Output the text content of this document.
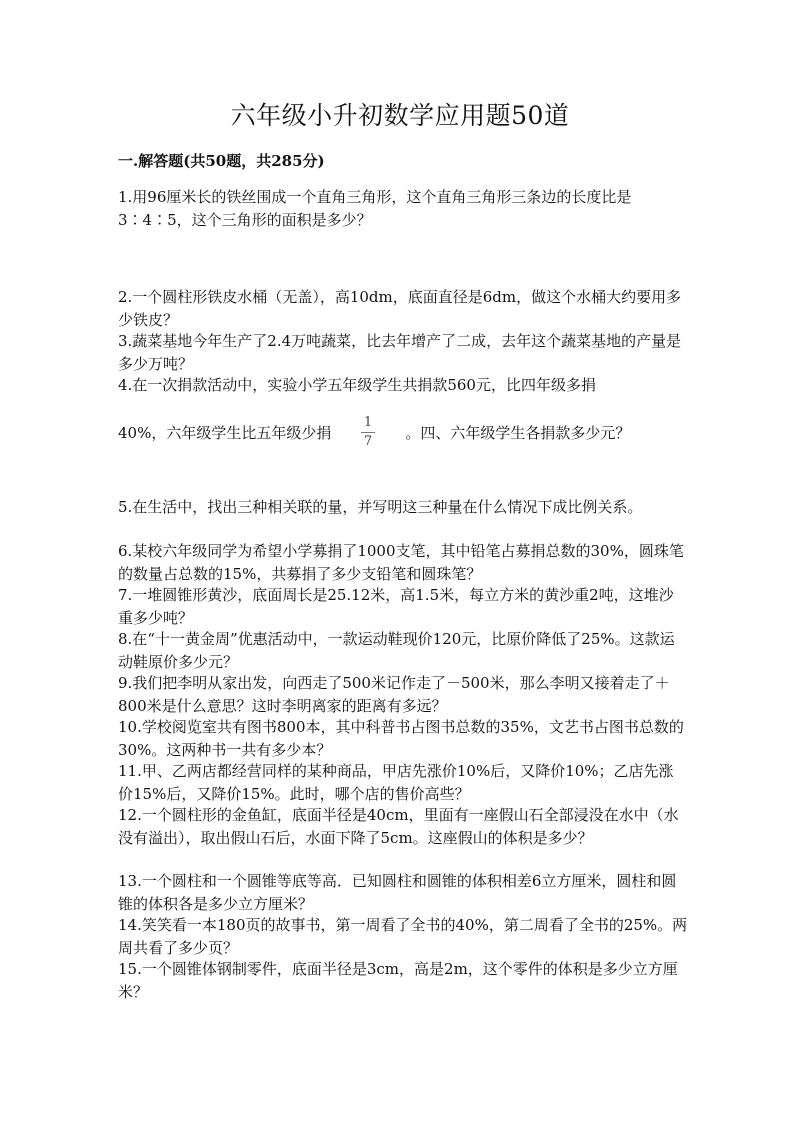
六年级小升初数学应用题50道
一.解答题(共50题，共285分)

1.用96厘米长的铁丝围成一个直角三角形，这个直角三角形三条边的长度比是3∶4∶5，这个三角形的面积是多少？

2.一个圆柱形铁皮水桶（无盖），高10dm，底面直径是6dm，做这个水桶大约要用多少铁皮？

3.蔬菜基地今年生产了2.4万吨蔬菜，比去年增产了二成，去年这个蔬菜基地的产量是多少万吨？

4.在一次捐款活动中，实验小学五年级学生共捐款560元，比四年级多捐

40%，六年级学生比五年级少捐	。四、六年级学生各捐款多少元？

1
7

5.在生活中，找出三种相关联的量，并写明这三种量在什么情况下成比例关系。

6.某校六年级同学为希望小学募捐了1000支笔，其中铅笔占募捐总数的30%，圆珠笔的数量占总数的15%，共募捐了多少支铅笔和圆珠笔？

7.一堆圆锥形黄沙，底面周长是25.12米，高1.5米，每立方米的黄沙重2吨，这堆沙重多少吨？

8.在“十一黄金周”优惠活动中，一款运动鞋现价120元，比原价降低了25%。这款运动鞋原价多少元？

9.我们把李明从家出发，向西走了500米记作走了－500米，那么李明又接着走了＋800米是什么意思？这时李明离家的距离有多远？

10.学校阅览室共有图书800本，其中科普书占图书总数的35%，文艺书占图书总数的30%。这两种书一共有多少本？

11.甲、乙两店都经营同样的某种商品，甲店先涨价10%后，又降价10%；乙店先涨价15%后，又降价15%。此时，哪个店的售价高些？

12.一个圆柱形的金鱼缸，底面半径是40cm，里面有一座假山石全部浸没在水中（水没有溢出），取出假山石后，水面下降了5cm。这座假山的体积是多少？

13.一个圆柱和一个圆锥等底等高．已知圆柱和圆锥的体积相差6立方厘米，圆柱和圆锥的体积各是多少立方厘米？

14.笑笑看一本180页的故事书，第一周看了全书的40%，第二周看了全书的25%。两周共看了多少页？

15.一个圆锥体钢制零件，底面半径是3cm，高是2m，这个零件的体积是多少立方厘米？
